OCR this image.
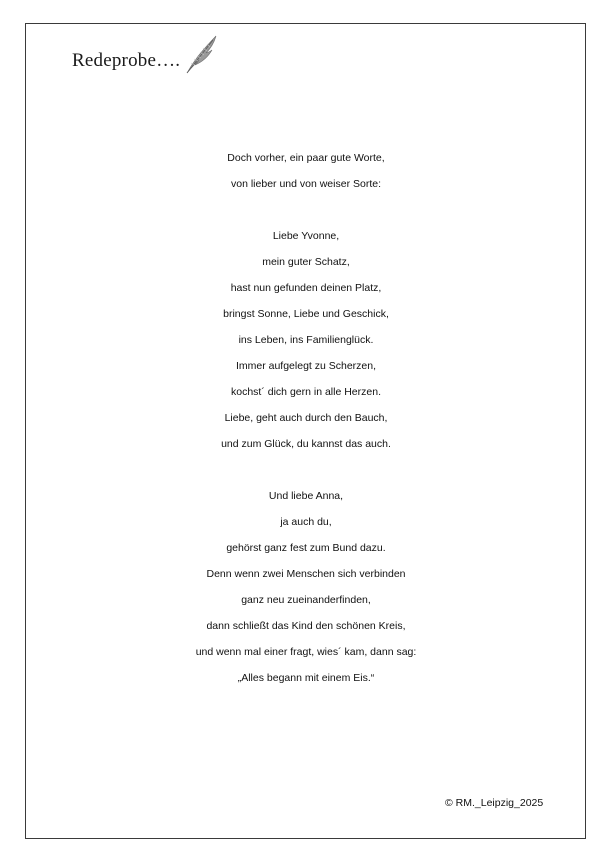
Redeprobe….
Doch vorher, ein paar gute Worte,
von lieber und von weiser Sorte:
Liebe Yvonne,
mein guter Schatz,
hast nun gefunden deinen Platz,
bringst Sonne, Liebe und Geschick,
ins Leben, ins Familienglück.
Immer aufgelegt zu Scherzen,
kochst´ dich gern in alle Herzen.
Liebe, geht auch durch den Bauch,
und zum Glück, du kannst das auch.
Und liebe Anna,
ja auch du,
gehörst ganz fest zum Bund dazu.
Denn wenn zwei Menschen sich verbinden
ganz neu zueinanderfinden,
dann schließt das Kind den schönen Kreis,
und wenn mal einer fragt, wies´ kam, dann sag:
„Alles begann mit einem Eis.“
© RM._Leipzig_2025
